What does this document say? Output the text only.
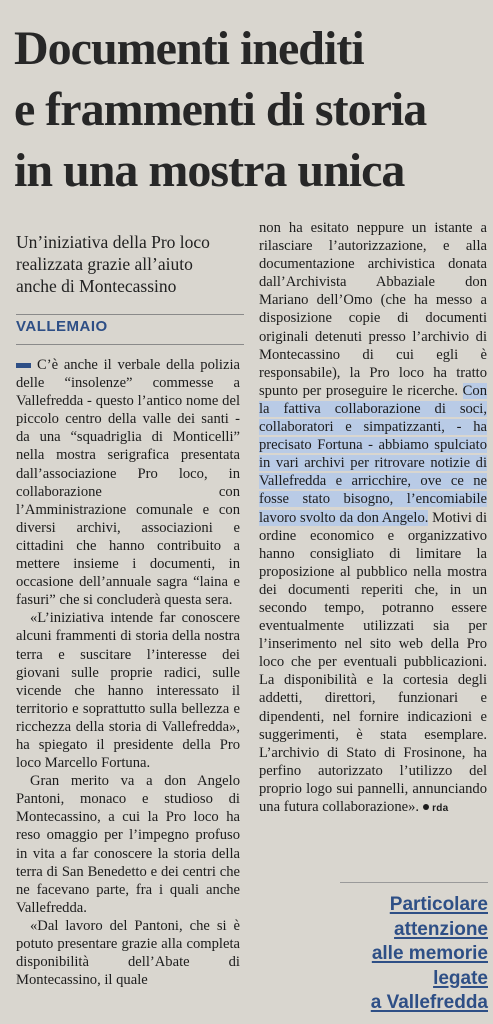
Documenti inediti
e frammenti di storia
in una mostra unica
Un’iniziativa della Pro loco
realizzata grazie all’aiuto
anche di Montecassino
VALLEMAIO

C’è anche il verbale della polizia delle “insolenze” commesse a Vallefredda - questo l’antico nome del piccolo centro della valle dei santi - da una “squadriglia di Monticelli” nella mostra serigrafica presentata dall’associazione Pro loco, in collaborazione con l’Amministrazione comunale e con diversi archivi, associazioni e cittadini che hanno contribuito a mettere insieme i documenti, in occasione dell’annuale sagra “laina e fasuri” che si concluderà questa sera.

«L’iniziativa intende far conoscere alcuni frammenti di storia della nostra terra e suscitare l’interesse dei giovani sulle proprie radici, sulle vicende che hanno interessato il territorio e soprattutto sulla bellezza e ricchezza della storia di Vallefredda», ha spiegato il presidente della Pro loco Marcello Fortuna.

Gran merito va a don Angelo Pantoni, monaco e studioso di Montecassino, a cui la Pro loco ha reso omaggio per l’impegno profuso in vita a far conoscere la storia della terra di San Benedetto e dei centri che ne facevano parte, fra i quali anche Vallefredda.

«Dal lavoro del Pantoni, che si è potuto presentare grazie alla completa disponibilità dell’Abate di Montecassino, il quale

non ha esitato neppure un istante a rilasciare l’autorizzazione, e alla documentazione archivistica donata dall’Archivista Abbaziale don Mariano dell’Omo (che ha messo a disposizione copie di documenti originali detenuti presso l’archivio di Montecassino di cui egli è responsabile), la Pro loco ha tratto spunto per proseguire le ricerche. Con la fattiva collaborazione di soci, collaboratori e simpatizzanti, - ha precisato Fortuna - abbiamo spulciato in vari archivi per ritrovare notizie di Vallefredda e arricchire, ove ce ne fosse stato bisogno, l’encomiabile lavoro svolto da don Angelo. Motivi di ordine economico e organizzativo hanno consigliato di limitare la proposizione al pubblico nella mostra dei documenti reperiti che, in un secondo tempo, potranno essere eventualmente utilizzati sia per l’inserimento nel sito web della Pro loco che per eventuali pubblicazioni. La disponibilità e la cortesia degli addetti, direttori, funzionari e dipendenti, nel fornire indicazioni e suggerimenti, è stata esemplare. L’archivio di Stato di Frosinone, ha perfino autorizzato l’utilizzo del proprio logo sui pannelli, annunciando una futura collaborazione». rda

Particolare
attenzione
alle memorie
legate
a Vallefredda
